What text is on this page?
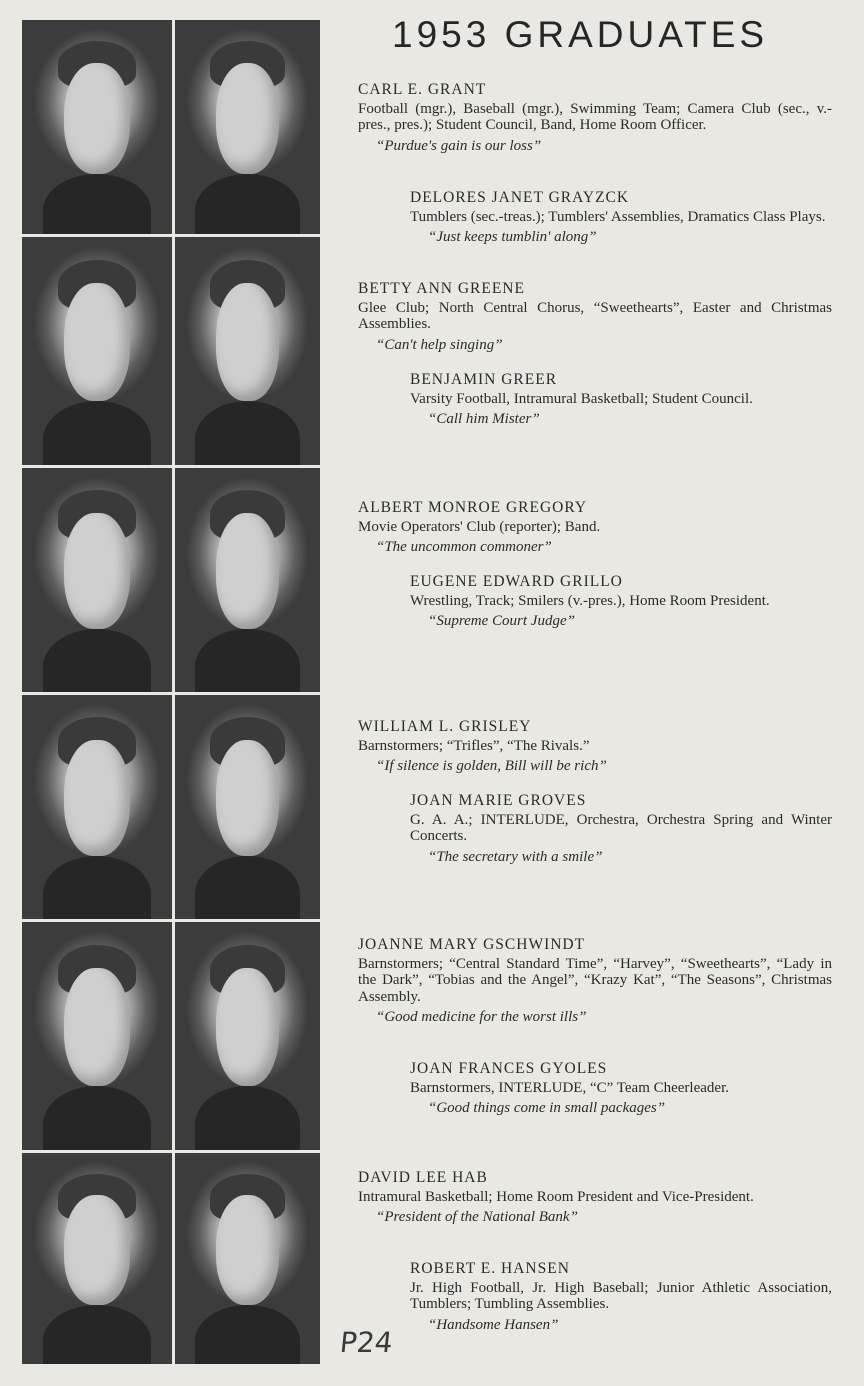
1953 GRADUATES
CARL E. GRANT
Football (mgr.), Baseball (mgr.), Swimming Team; Camera Club (sec., v.-pres., pres.); Student Council, Band, Home Room Officer.
“Purdue's gain is our loss”
DELORES JANET GRAYZCK
Tumblers (sec.-treas.); Tumblers' Assemblies, Dramatics Class Plays.
“Just keeps tumblin' along”
BETTY ANN GREENE
Glee Club; North Central Chorus, “Sweethearts”, Easter and Christmas Assemblies.
“Can't help singing”
BENJAMIN GREER
Varsity Football, Intramural Basketball; Student Council.
“Call him Mister”
ALBERT MONROE GREGORY
Movie Operators' Club (reporter); Band.
“The uncommon commoner”
EUGENE EDWARD GRILLO
Wrestling, Track; Smilers (v.-pres.), Home Room President.
“Supreme Court Judge”
WILLIAM L. GRISLEY
Barnstormers; “Trifles”, “The Rivals.”
“If silence is golden, Bill will be rich”
JOAN MARIE GROVES
G. A. A.; INTERLUDE, Orchestra, Orchestra Spring and Winter Concerts.
“The secretary with a smile”
JOANNE MARY GSCHWINDT
Barnstormers; “Central Standard Time”, “Harvey”, “Sweethearts”, “Lady in the Dark”, “Tobias and the Angel”, “Krazy Kat”, “The Seasons”, Christmas Assembly.
“Good medicine for the worst ills”
JOAN FRANCES GYOLES
Barnstormers, INTERLUDE, “C” Team Cheerleader.
“Good things come in small packages”
DAVID LEE HAB
Intramural Basketball; Home Room President and Vice-President.
“President of the National Bank”
ROBERT E. HANSEN
Jr. High Football, Jr. High Baseball; Junior Athletic Association, Tumblers; Tumbling Assemblies.
“Handsome Hansen”
P24
